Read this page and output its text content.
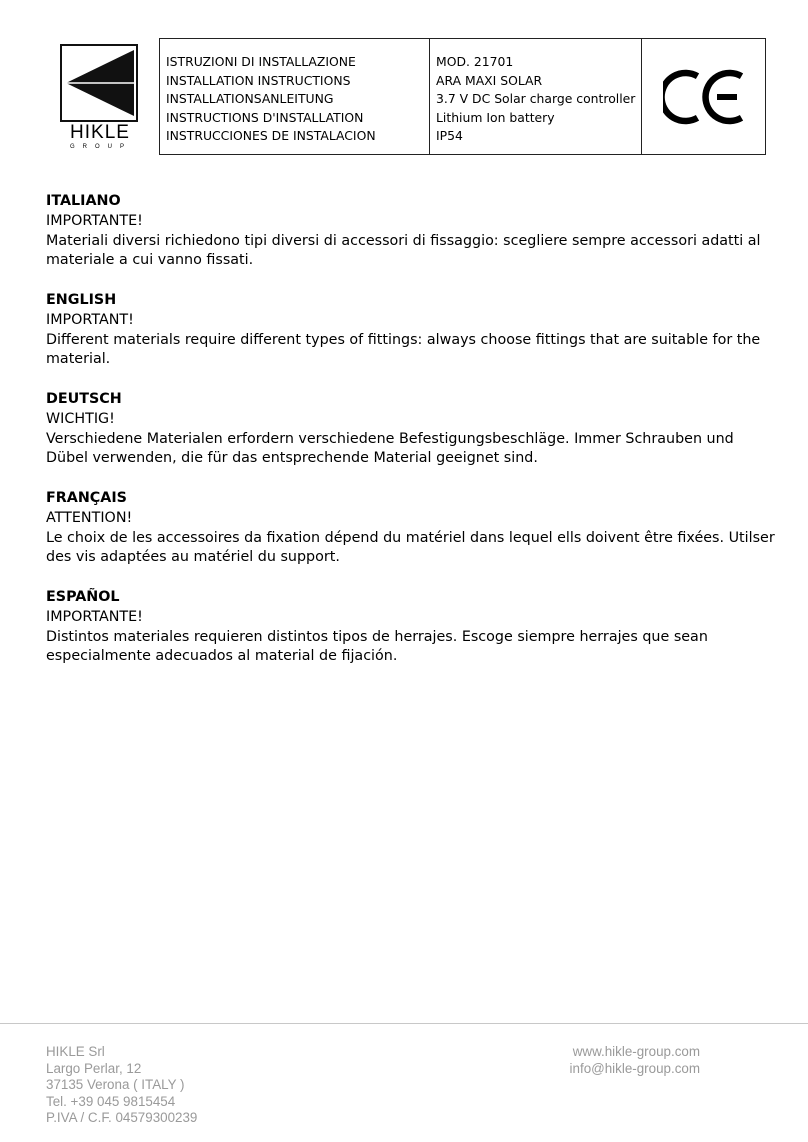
HIKLE
GROUP
ISTRUZIONI DI INSTALLAZIONE
INSTALLATION INSTRUCTIONS
INSTALLATIONSANLEITUNG
INSTRUCTIONS D'INSTALLATION
INSTRUCCIONES DE INSTALACION
MOD. 21701
ARA MAXI SOLAR
3.7 V DC Solar charge controller
Lithium Ion battery
IP54

ITALIANO

IMPORTANTE!

Materiali diversi richiedono tipi diversi di accessori di fissaggio: scegliere sempre accessori adatti al materiale a cui vanno fissati.

ENGLISH

IMPORTANT!

Different materials require different types of fittings: always choose fittings that are suitable for the material.

DEUTSCH

WICHTIG!

Verschiedene Materialen erfordern verschiedene Befestigungsbeschläge. Immer Schrauben und Dübel verwenden, die für das entsprechende Material geeignet sind.

FRANÇAIS

ATTENTION!

Le choix de les accessoires da fixation dépend du matériel dans lequel ells doivent être fixées. Utilser des vis adaptées au matériel du support.

ESPAÑOL

IMPORTANTE!

Distintos materiales requieren distintos tipos de herrajes. Escoge siempre herrajes que sean especialmente adecuados al material de fijación.

HIKLE Srl
Largo Perlar, 12
37135 Verona ( ITALY )
Tel. +39 045 9815454
P.IVA / C.F. 04579300239
www.hikle-group.com
info@hikle-group.com
